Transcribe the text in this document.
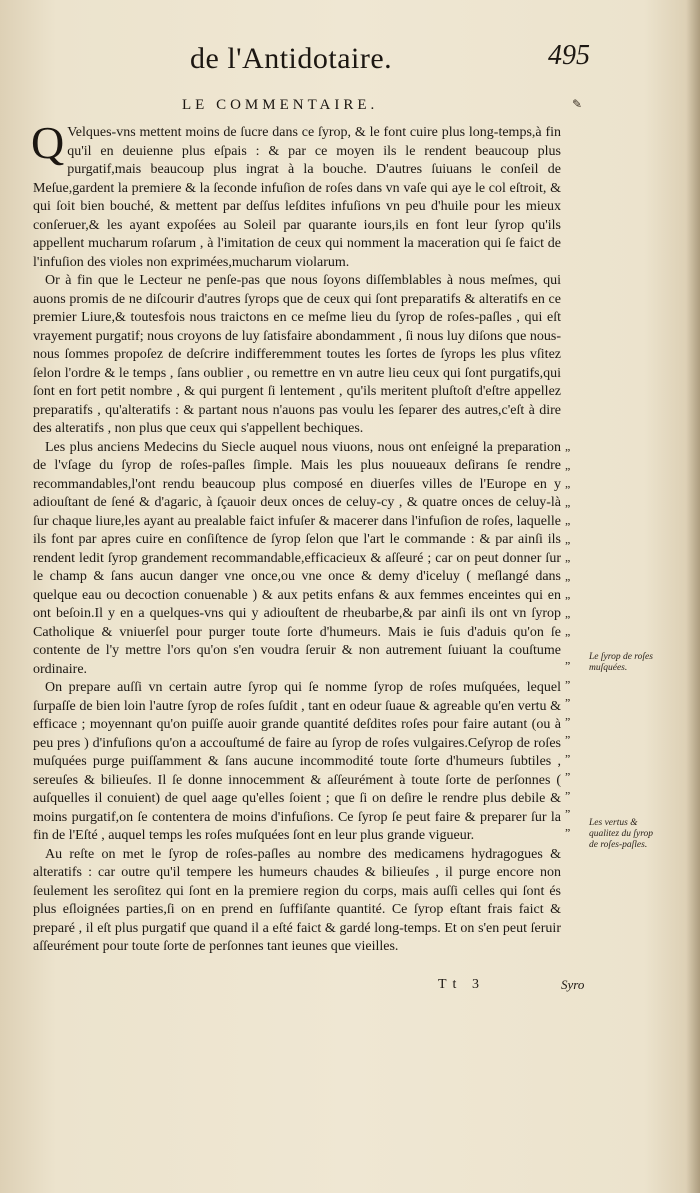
de l'Antidotaire.	495
LE COMMENTAIRE.	✎

Q Velques-vns mettent moins de ſucre dans ce ſyrop, & le font cuire plus long-temps,à fin qu'il en deuienne plus eſpais : & par ce moyen ils le rendent beaucoup plus purgatif,mais beaucoup plus ingrat à la bouche. D'autres ſuiuans le conſeil de Meſue,gardent la premiere & la ſeconde infuſion de roſes dans vn vaſe qui aye le col eſtroit, & qui ſoit bien bouché, & mettent par deſſus leſdites infuſions vn peu d'huile pour les mieux conſeruer,& les ayant expoſées au Soleil par quarante iours,ils en font leur ſyrop qu'ils appellent mucharum roſarum , à l'imitation de ceux qui nomment la maceration qui ſe faict de l'infuſion des violes non exprimées,mucharum violarum.

Or à fin que le Lecteur ne penſe-pas que nous ſoyons diſſemblables à nous meſmes, qui auons promis de ne diſcourir d'autres ſyrops que de ceux qui ſont preparatifs & alteratifs en ce premier Liure,& toutesfois nous traictons en ce meſme lieu du ſyrop de roſes-paſles , qui eſt vrayement purgatif; nous croyons de luy ſatisfaire abondamment , ſi nous luy diſons que nous-nous ſommes propoſez de deſcrire indifferemment toutes les ſortes de ſyrops les plus vſitez ſelon l'ordre & le temps , ſans oublier , ou remettre en vn autre lieu ceux qui ſont purgatifs,qui ſont en fort petit nombre , & qui purgent ſi lentement , qu'ils meritent pluſtoſt d'eſtre appellez preparatifs , qu'alteratifs : & partant nous n'auons pas voulu les ſeparer des autres,c'eſt à dire des alteratifs , non plus que ceux qui s'appellent bechiques.

Les plus anciens Medecins du Siecle auquel nous viuons, nous ont enſeigné la preparation de l'vſage du ſyrop de roſes-paſles ſimple. Mais les plus nouueaux deſirans ſe rendre recommandables,l'ont rendu beaucoup plus composé en diuerſes villes de l'Europe en y adiouſtant de ſené & d'agaric, à ſçauoir deux onces de celuy-cy , & quatre onces de celuy-là ſur chaque liure,les ayant au prealable faict infuſer & macerer dans l'infuſion de roſes, laquelle ils font par apres cuire en conſiſtence de ſyrop ſelon que l'art le commande : & par ainſi ils rendent ledit ſyrop grandement recommandable,efficacieux & aſſeuré ; car on peut donner ſur le champ & ſans aucun danger vne once,ou vne once & demy d'iceluy ( meſlangé dans quelque eau ou decoction conuenable ) & aux petits enfans & aux femmes enceintes qui en ont beſoin.Il y en a quelques-vns qui y adiouſtent de rheubarbe,& par ainſi ils ont vn ſyrop Catholique & vniuerſel pour purger toute ſorte d'humeurs. Mais ie ſuis d'aduis qu'on ſe contente de l'y mettre l'ors qu'on s'en voudra ſeruir & non autrement ſuiuant la couſtume ordinaire.

On prepare auſſi vn certain autre ſyrop qui ſe nomme ſyrop de roſes muſquées, lequel ſurpaſſe de bien loin l'autre ſyrop de roſes ſuſdit , tant en odeur ſuaue & agreable qu'en vertu & efficace ; moyennant qu'on puiſſe auoir grande quantité deſdites roſes pour faire autant (ou à peu pres ) d'infuſions qu'on a accouſtumé de faire au ſyrop de roſes vulgaires.Ceſyrop de roſes muſquées purge puiſſamment & ſans aucune incommodité toute ſorte d'humeurs ſubtiles , sereuſes & bilieuſes. Il ſe donne innocemment & aſſeurément à toute ſorte de perſonnes ( auſquelles il conuient) de quel aage qu'elles ſoient ; que ſi on deſire le rendre plus debile & moins purgatif,on ſe contentera de moins d'infuſions. Ce ſyrop ſe peut faire & preparer ſur la fin de l'Eſté , auquel temps les roſes muſquées ſont en leur plus grande vigueur.

Au reſte on met le ſyrop de roſes-paſles au nombre des medicamens hydragogues & alteratifs : car outre qu'il tempere les humeurs chaudes & bilieuſes , il purge encore non ſeulement les seroſitez qui ſont en la premiere region du corps, mais auſſi celles qui ſont és plus eſloignées parties,ſi on en prend en ſuffiſante quantité. Ce ſyrop eſtant frais faict & preparé , il eſt plus purgatif que quand il a eſté faict & gardé long-temps. Et on s'en peut ſeruir aſſeurément pour toute ſorte de perſonnes tant ieunes que vieilles.

„
„
„
„
„
„
„
„
„
„
„
„
„
„
„
„
„
„
„
„
„
Le ſyrop de roſes muſquées.
Les vertus & qualitez du ſyrop de roſes-paſles.
Tt 3	Syro
